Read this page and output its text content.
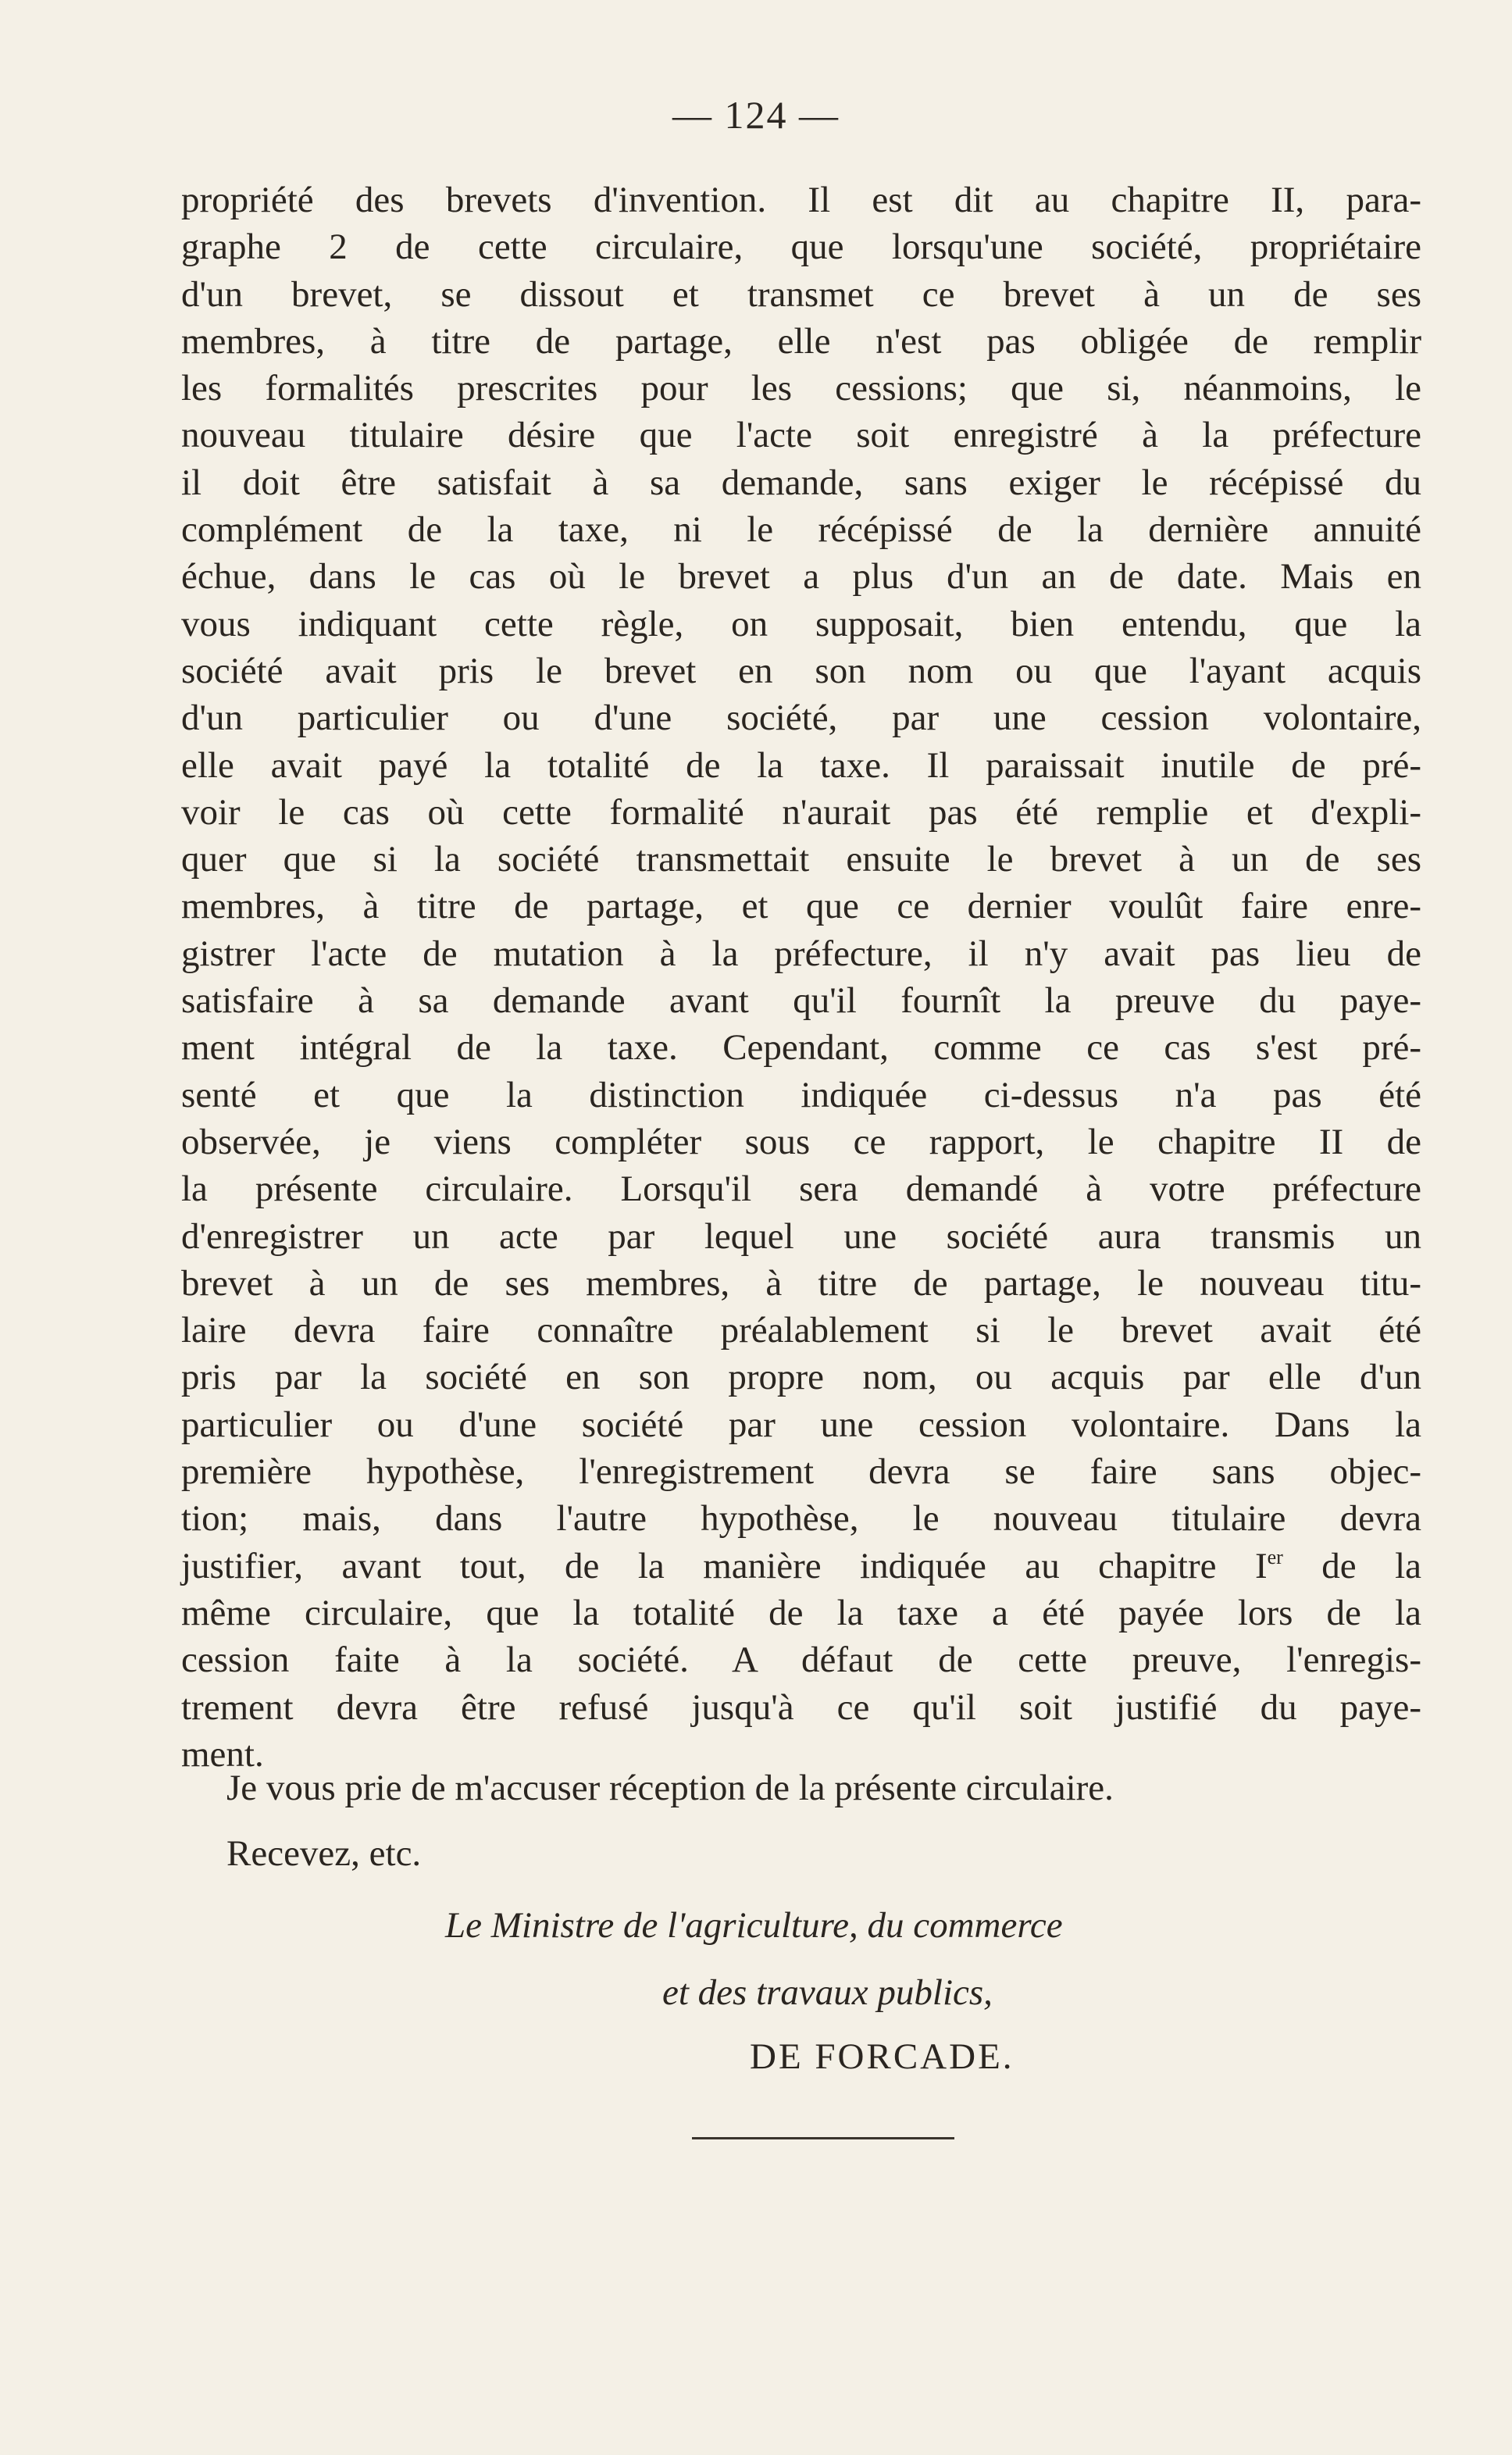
— 124 —
propriété des brevets d'invention. Il est dit au chapitre II, para-
graphe 2 de cette circulaire, que lorsqu'une société, propriétaire
d'un brevet, se dissout et transmet ce brevet à un de ses
membres, à titre de partage, elle n'est pas obligée de remplir
les formalités prescrites pour les cessions; que si, néanmoins, le
nouveau titulaire désire que l'acte soit enregistré à la préfecture
il doit être satisfait à sa demande, sans exiger le récépissé du
complément de la taxe, ni le récépissé de la dernière annuité
échue, dans le cas où le brevet a plus d'un an de date. Mais en
vous indiquant cette règle, on supposait, bien entendu, que la
société avait pris le brevet en son nom ou que l'ayant acquis
d'un particulier ou d'une société, par une cession volontaire,
elle avait payé la totalité de la taxe. Il paraissait inutile de pré-
voir le cas où cette formalité n'aurait pas été remplie et d'expli-
quer que si la société transmettait ensuite le brevet à un de ses
membres, à titre de partage, et que ce dernier voulût faire enre-
gistrer l'acte de mutation à la préfecture, il n'y avait pas lieu de
satisfaire à sa demande avant qu'il fournît la preuve du paye-
ment intégral de la taxe. Cependant, comme ce cas s'est pré-
senté et que la distinction indiquée ci-dessus n'a pas été
observée, je viens compléter sous ce rapport, le chapitre II de
la présente circulaire. Lorsqu'il sera demandé à votre préfecture
d'enregistrer un acte par lequel une société aura transmis un
brevet à un de ses membres, à titre de partage, le nouveau titu-
laire devra faire connaître préalablement si le brevet avait été
pris par la société en son propre nom, ou acquis par elle d'un
particulier ou d'une société par une cession volontaire. Dans la
première hypothèse, l'enregistrement devra se faire sans objec-
tion; mais, dans l'autre hypothèse, le nouveau titulaire devra
justifier, avant tout, de la manière indiquée au chapitre Ier de la
même circulaire, que la totalité de la taxe a été payée lors de la
cession faite à la société. A défaut de cette preuve, l'enregis-
trement devra être refusé jusqu'à ce qu'il soit justifié du paye-
ment.
Je vous prie de m'accuser réception de la présente circulaire.
Recevez, etc.
Le Ministre de l'agriculture, du commerce
et des travaux publics,
DE FORCADE.
